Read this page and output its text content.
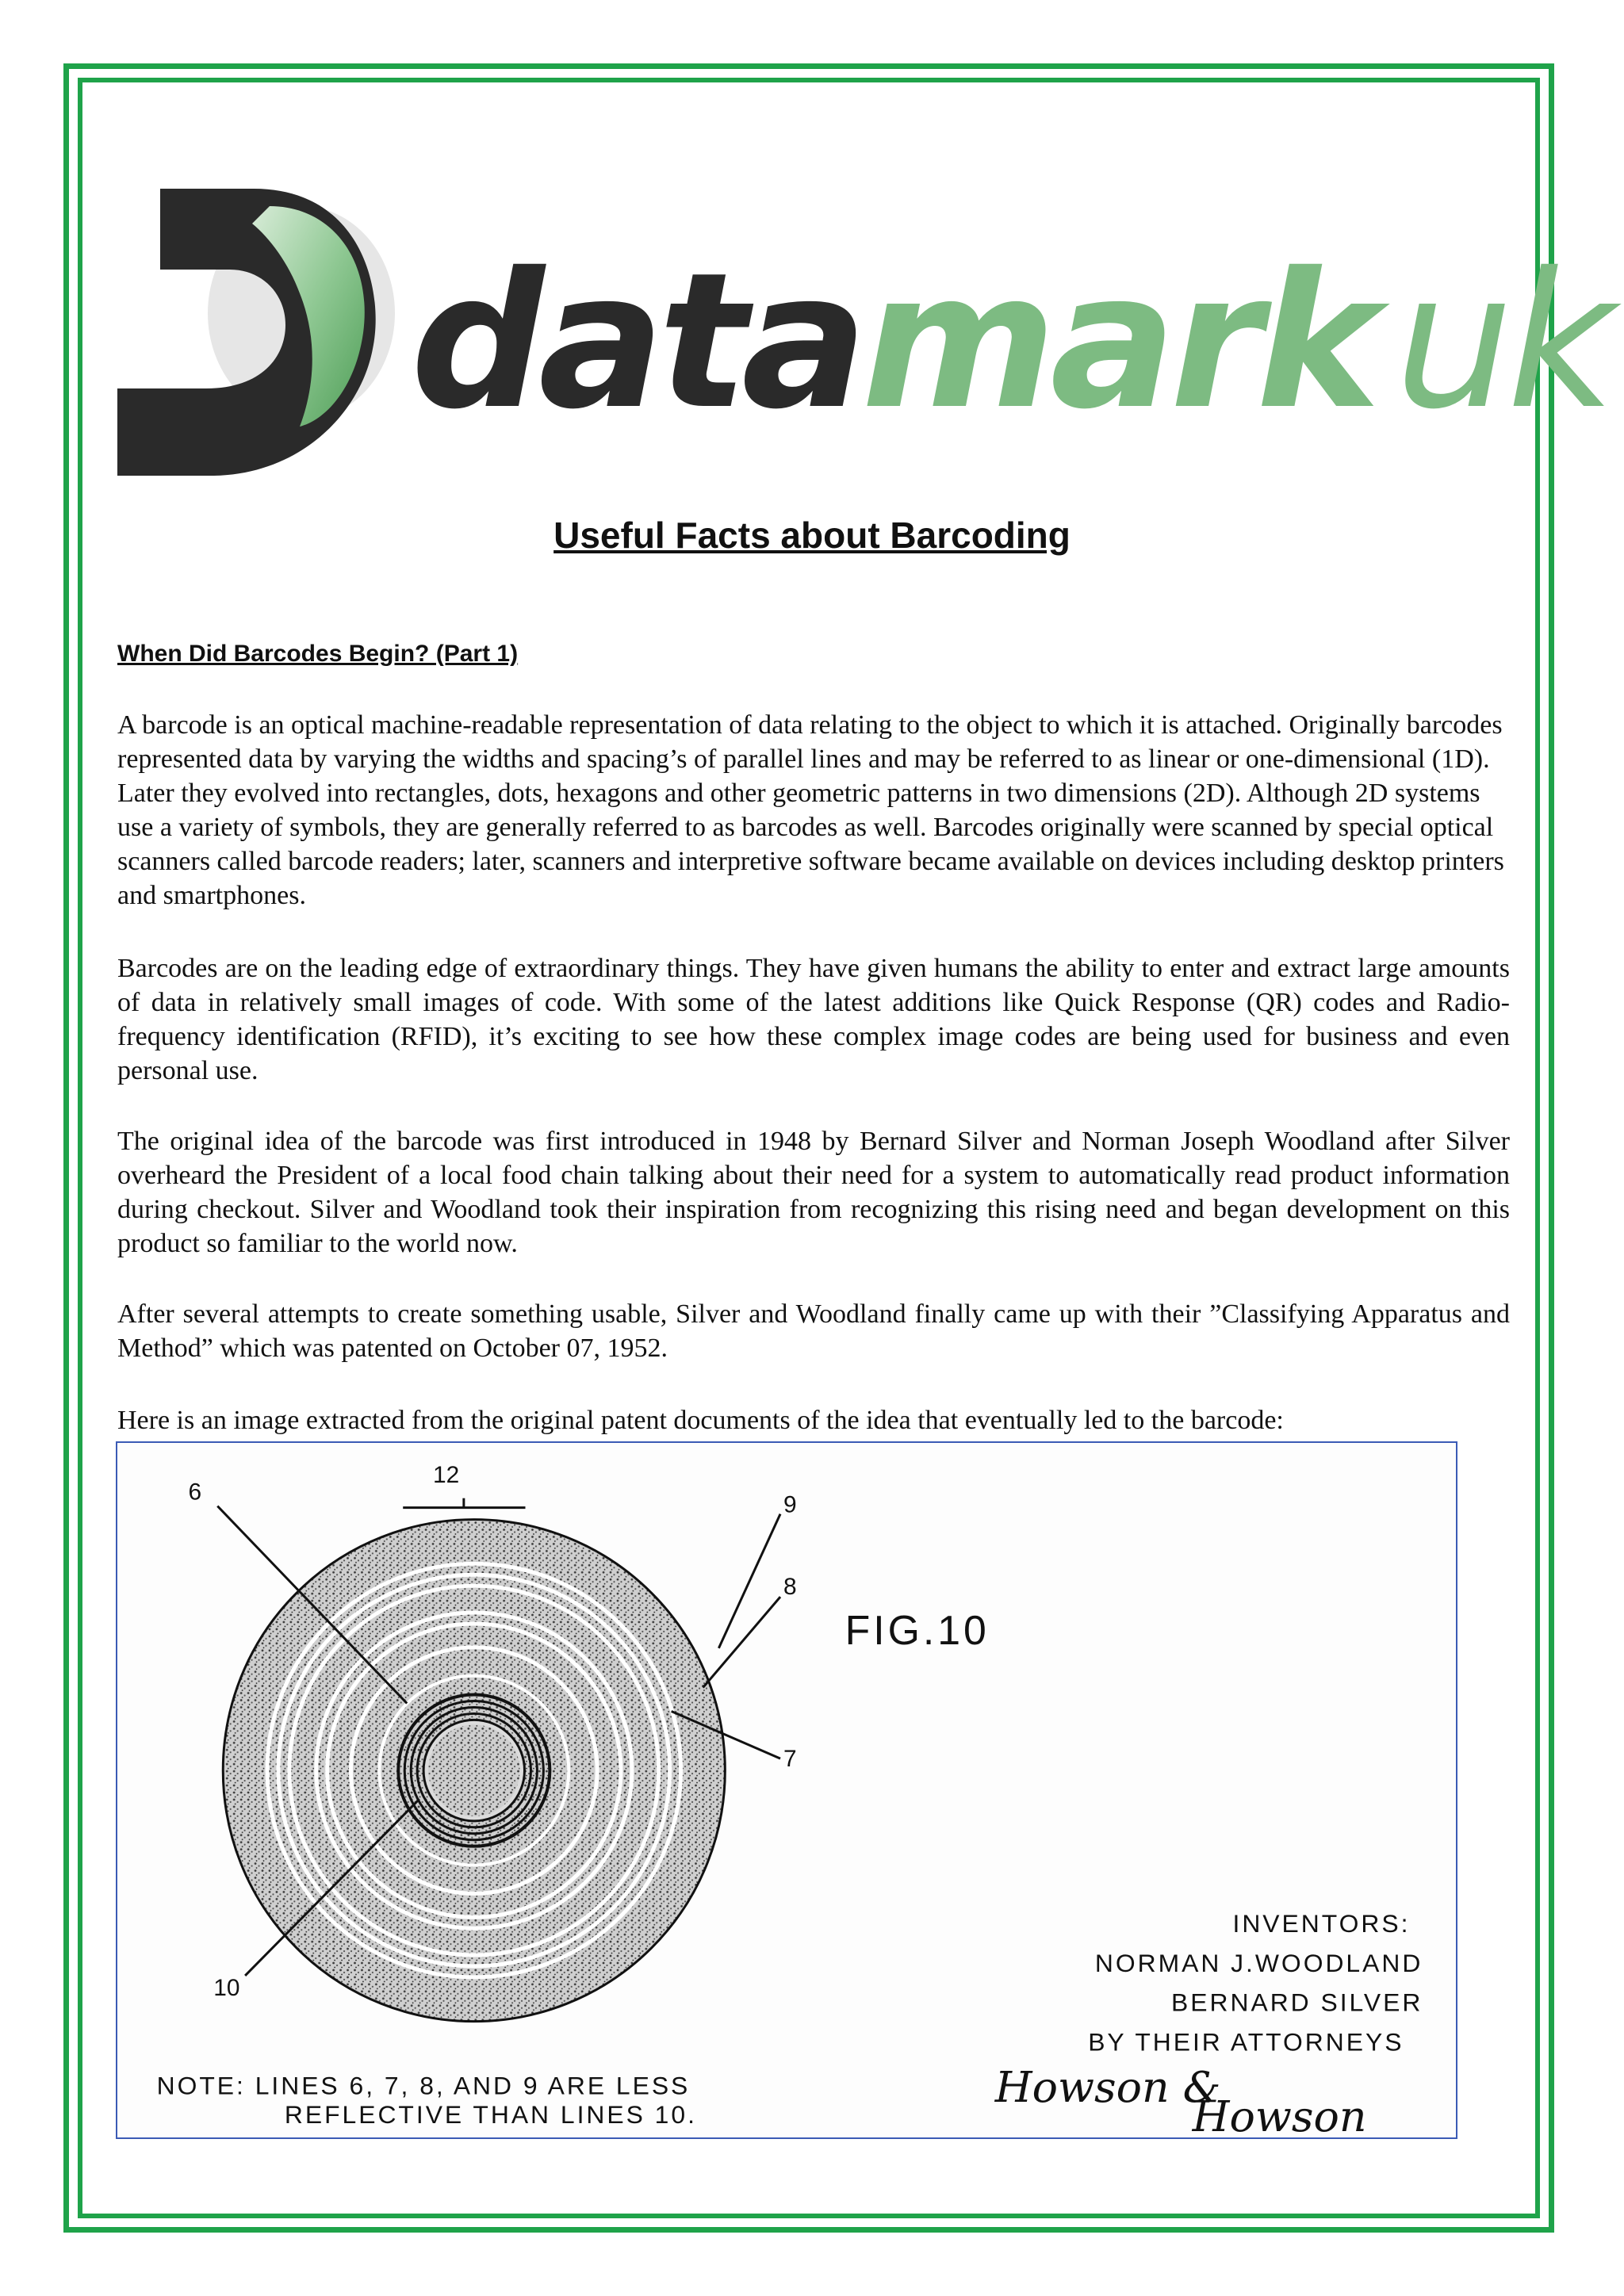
datamark uk
Useful Facts about Barcoding
When Did Barcodes Begin? (Part 1)

A barcode is an optical machine-readable representation of data relating to the object to which it is attached. Originally barcodes represented data by varying the widths and spacing’s of parallel lines and may be referred to as linear or one-dimensional (1D). Later they evolved into rectangles, dots, hexagons and other geometric patterns in two dimensions (2D). Although 2D systems use a variety of symbols, they are generally referred to as barcodes as well. Barcodes originally were scanned by special optical scanners called barcode readers; later, scanners and interpretive software became available on devices including desktop printers and smartphones.

Barcodes are on the leading edge of extraordinary things. They have given humans the ability to enter and extract large amounts of data in relatively small images of code. With some of the latest additions like Quick Response (QR) codes and Radio-frequency identification (RFID), it’s exciting to see how these complex image codes are being used for business and even personal use.

The original idea of the barcode was first introduced in 1948 by Bernard Silver and Norman Joseph Woodland after Silver overheard the President of a local food chain talking about their need for a system to automatically read product information during checkout. Silver and Woodland took their inspiration from recognizing this rising need and began development on this product so familiar to the world now.

After several attempts to create something usable, Silver and Woodland finally came up with their ”Classifying Apparatus and Method” which was patented on October 07, 1952.

Here is an image extracted from the original patent documents of the idea that eventually led to the barcode:

12
6	9
8
7
10
FIG.10
INVENTORS:
NORMAN J.WOODLAND
BERNARD SILVER
BY THEIR ATTORNEYS
Howson &
Howson
NOTE: LINES 6, 7, 8, AND 9 ARE LESS
REFLECTIVE THAN LINES 10.
